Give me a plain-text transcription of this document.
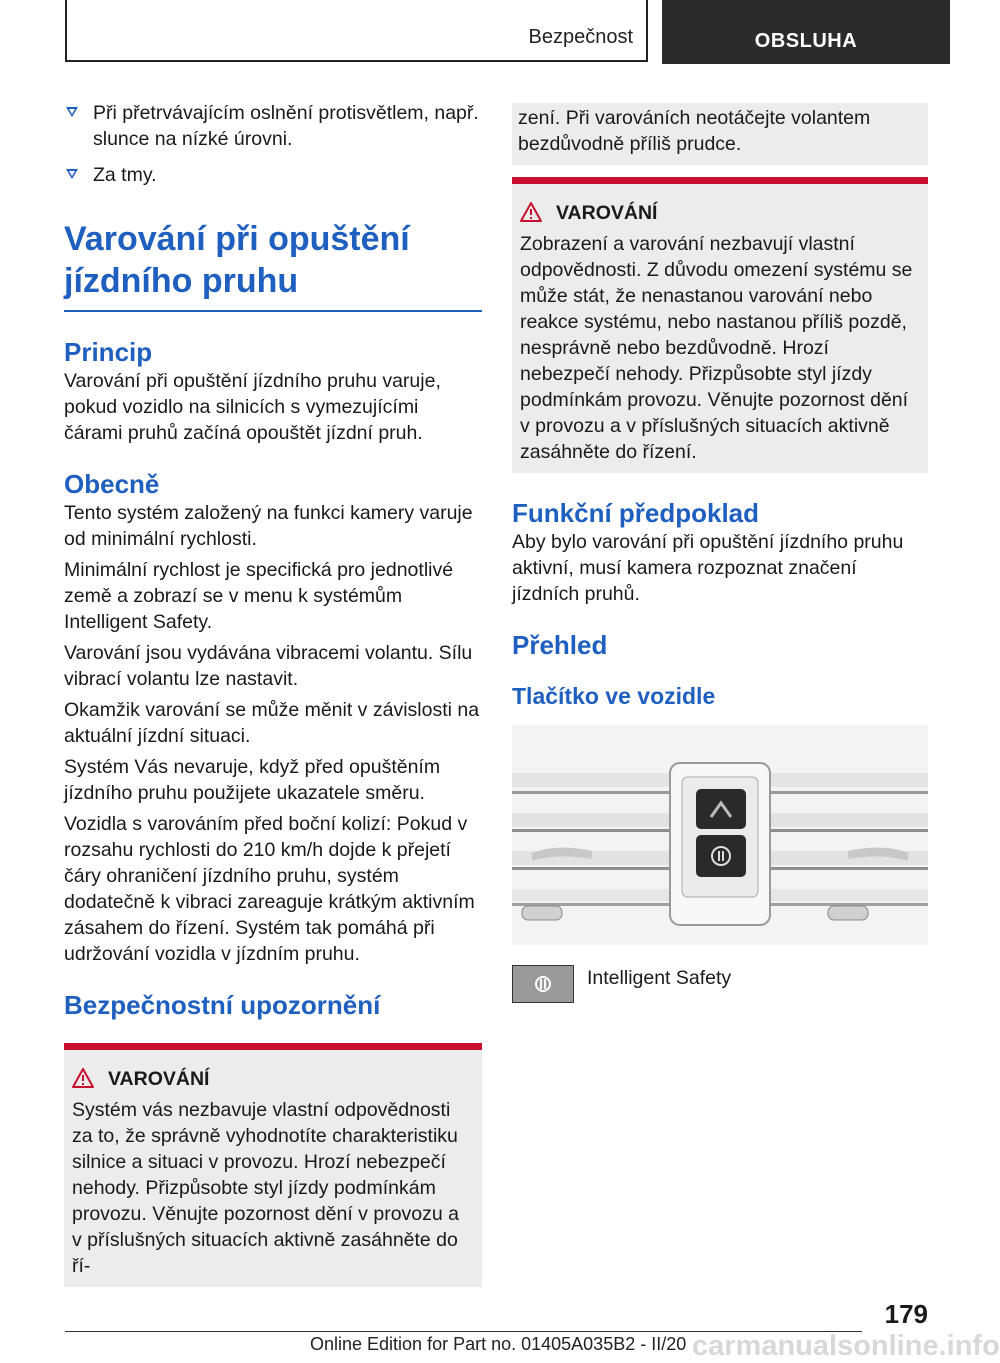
Bezpečnost	OBSLUHA
Při přetrvávajícím oslnění protisvětlem, např. slunce na nízké úrovni.
Za tmy.
Varování při opuštění jízdního pruhu
Princip

Varování při opuštění jízdního pruhu varuje, pokud vozidlo na silnicích s vymezujícími čárami pruhů začíná opouštět jízdní pruh.

Obecně

Tento systém založený na funkci kamery varuje od minimální rychlosti.

Minimální rychlost je specifická pro jednotlivé země a zobrazí se v menu k systémům Intelligent Safety.

Varování jsou vydávána vibracemi volantu. Sílu vibrací volantu lze nastavit.

Okamžik varování se může měnit v závislosti na aktuální jízdní situaci.

Systém Vás nevaruje, když před opuštěním jízdního pruhu použijete ukazatele směru.

Vozidla s varováním před boční kolizí: Pokud v rozsahu rychlosti do 210 km/h dojde k přejetí čáry ohraničení jízdního pruhu, systém dodatečně k vibraci zareaguje krátkým aktivním zásahem do řízení. Systém tak pomáhá při udržování vozidla v jízdním pruhu.

Bezpečnostní upozornění
VAROVÁNÍ

Systém vás nezbavuje vlastní odpovědnosti za to, že správně vyhodnotíte charakteristiku silnice a situaci v provozu. Hrozí nebezpečí nehody. Přizpůsobte styl jízdy podmínkám provozu. Věnujte pozornost dění v provozu a v příslušných situacích aktivně zasáhněte do ří-

zení. Při varováních neotáčejte volantem bezdůvodně příliš prudce.

VAROVÁNÍ

Zobrazení a varování nezbavují vlastní odpovědnosti. Z důvodu omezení systému se může stát, že nenastanou varování nebo reakce systému, nebo nastanou příliš pozdě, nesprávně nebo bezdůvodně. Hrozí nebezpečí nehody. Přizpůsobte styl jízdy podmínkám provozu. Věnujte pozornost dění v provozu a v příslušných situacích aktivně zasáhněte do řízení.

Funkční předpoklad

Aby bylo varování při opuštění jízdního pruhu aktivní, musí kamera rozpoznat značení jízdních pruhů.

Přehled
Tlačítko ve vozidle
Intelligent Safety
179
Online Edition for Part no. 01405A035B2 - II/20 carmanualsonline.info
